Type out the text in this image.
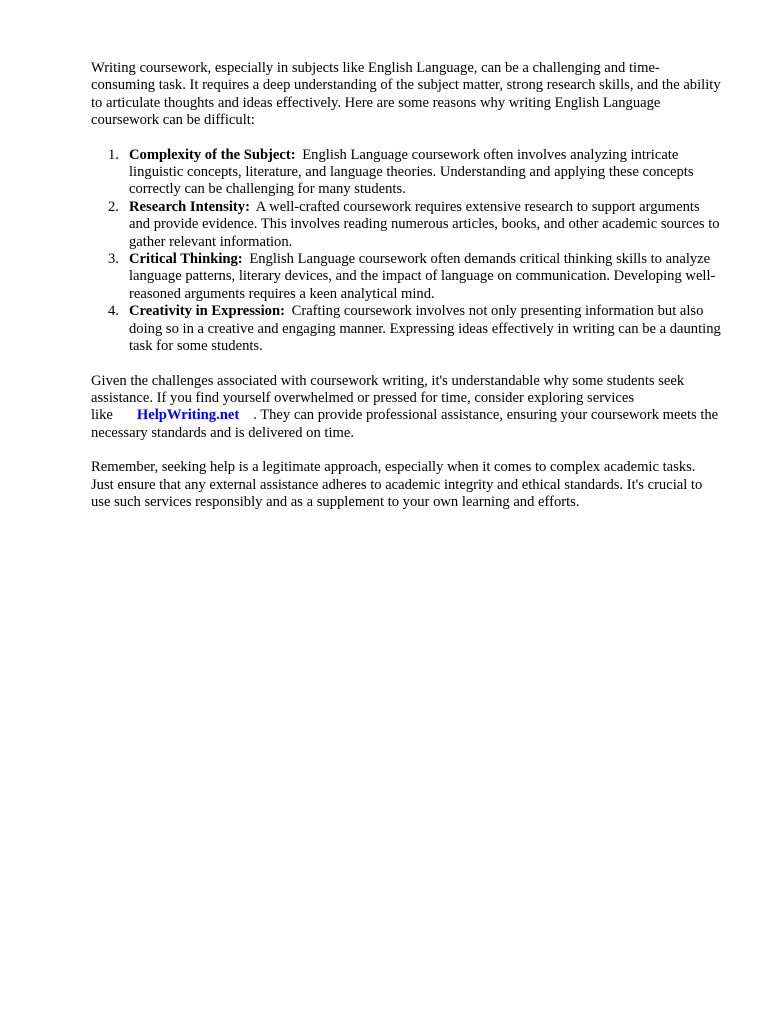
Writing coursework, especially in subjects like English Language, can be a challenging and time-consuming task. It requires a deep understanding of the subject matter, strong research skills, and the ability to articulate thoughts and ideas effectively. Here are some reasons why writing English Language coursework can be difficult:

1. Complexity of the Subject: English Language coursework often involves analyzing intricate linguistic concepts, literature, and language theories. Understanding and applying these concepts correctly can be challenging for many students.
2. Research Intensity: A well-crafted coursework requires extensive research to support arguments and provide evidence. This involves reading numerous articles, books, and other academic sources to gather relevant information.
3. Critical Thinking: English Language coursework often demands critical thinking skills to analyze language patterns, literary devices, and the impact of language on communication. Developing well-reasoned arguments requires a keen analytical mind.
4. Creativity in Expression: Crafting coursework involves not only presenting information but also doing so in a creative and engaging manner. Expressing ideas effectively in writing can be a daunting task for some students.

Given the challenges associated with coursework writing, it's understandable why some students seek assistance. If you find yourself overwhelmed or pressed for time, consider exploring services like HelpWriting.net . They can provide professional assistance, ensuring your coursework meets the necessary standards and is delivered on time.

Remember, seeking help is a legitimate approach, especially when it comes to complex academic tasks. Just ensure that any external assistance adheres to academic integrity and ethical standards. It's crucial to use such services responsibly and as a supplement to your own learning and efforts.
